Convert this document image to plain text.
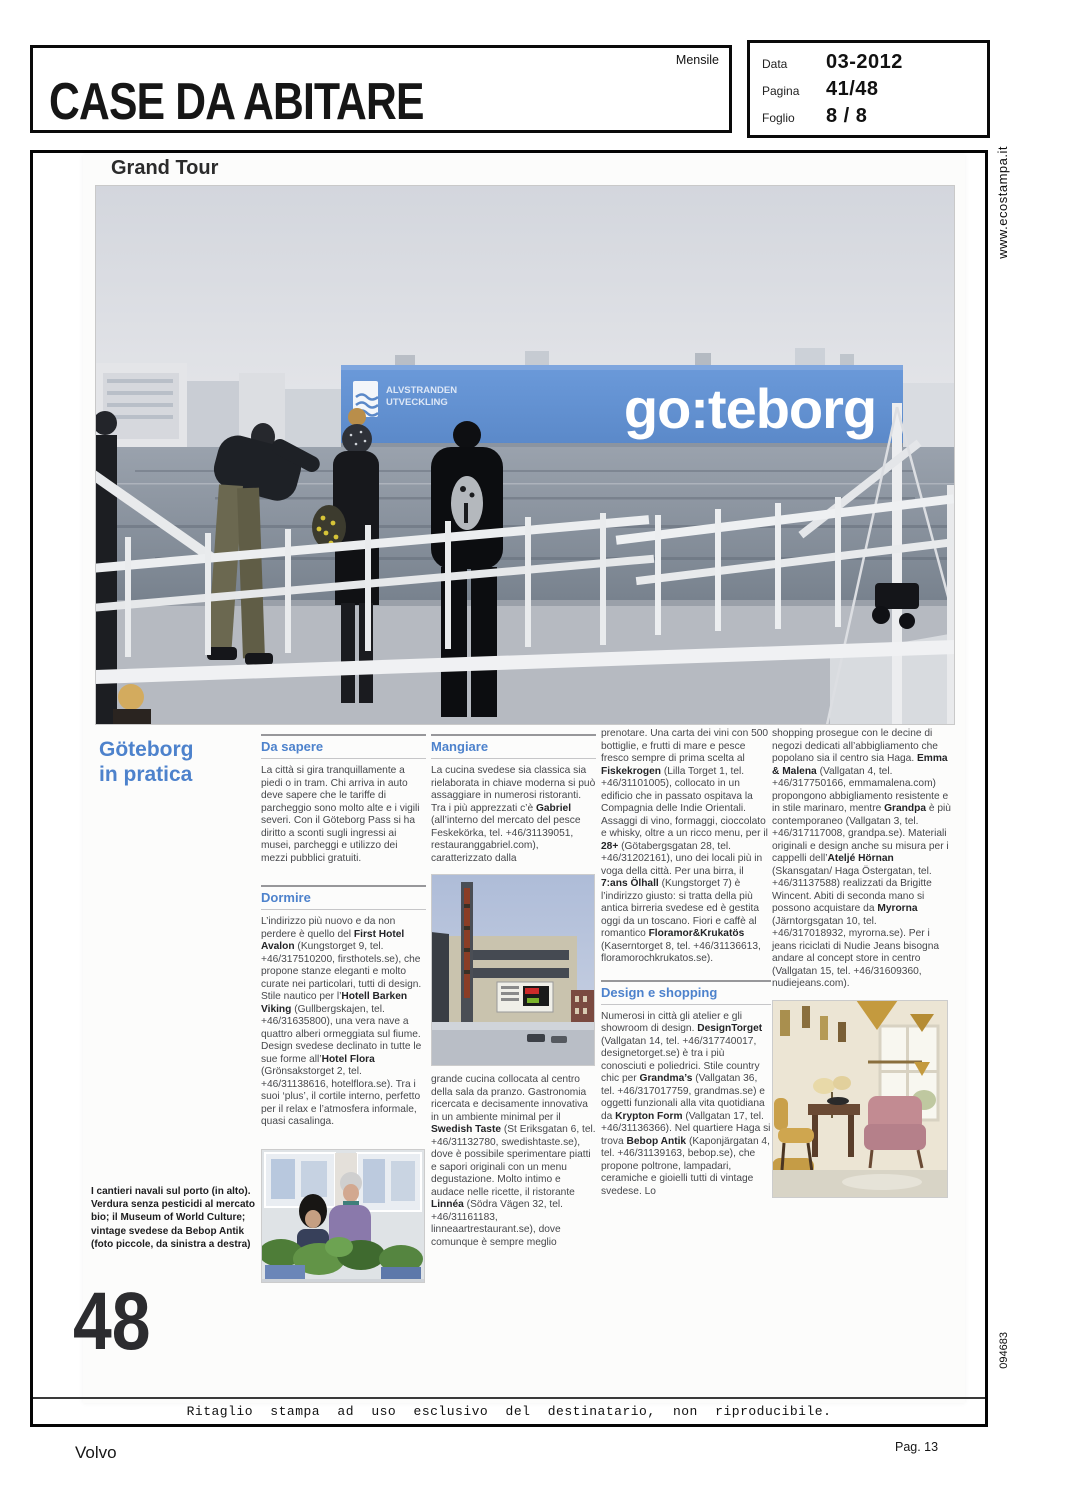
Mensile
CASE DA ABITARE
Data	03-2012
Pagina	41/48
Foglio	8 / 8
Grand Tour
ALVSTRANDEN
UTVECKLING	go:teborg
Göteborg
in pratica
Da sapere

La città si gira tranquillamente a piedi o in tram. Chi arriva in auto deve sapere che le tariffe di parcheggio sono molto alte e i vigili severi. Con il Göteborg Pass si ha diritto a sconti sugli ingressi ai musei, parcheggi e utilizzo dei mezzi pubblici gratuiti.

Dormire

L’indirizzo più nuovo e da non perdere è quello del First Hotel Avalon (Kungstorget 9, tel. +46/317510200, firsthotels.se), che propone stanze eleganti e molto curate nei particolari, tutti di design. Stile nautico per l’Hotell Barken Viking (Gullbergskajen, tel. +46/31635800), una vera nave a quattro alberi ormeggiata sul fiume. Design svedese declinato in tutte le sue forme all’Hotel Flora (Grönsakstorget 2, tel. +46/31138616, hotelflora.se). Tra i suoi ‘plus’, il cortile interno, perfetto per il relax e l’atmosfera informale, quasi casalinga.

Mangiare

La cucina svedese sia classica sia rielaborata in chiave moderna si può assaggiare in numerosi ristoranti. Tra i più apprezzati c’è Gabriel (all’interno del mercato del pesce Feskekörka, tel. +46/31139051, restauranggabriel.com), caratterizzato dalla

grande cucina collocata al centro della sala da pranzo. Gastronomia ricercata e decisamente innovativa in un ambiente minimal per il Swedish Taste (St Eriksgatan 6, tel. +46/31132780, swedishtaste.se), dove è possibile sperimentare piatti e sapori originali con un menu degustazione. Molto intimo e audace nelle ricette, il ristorante Linnéa (Södra Vägen 32, tel. +46/31161183, linneaartrestaurant.se), dove comunque è sempre meglio

prenotare. Una carta dei vini con 500 bottiglie, e frutti di mare e pesce fresco sempre di prima scelta al Fiskekrogen (Lilla Torget 1, tel. +46/31101005), collocato in un edificio che in passato ospitava la Compagnia delle Indie Orientali. Assaggi di vino, formaggi, cioccolato e whisky, oltre a un ricco menu, per il 28+ (Götabergsgatan 28, tel. +46/31202161), uno dei locali più in voga della città. Per una birra, il 7:ans Ölhall (Kungstorget 7) è l’indirizzo giusto: si tratta della più antica birreria svedese ed è gestita oggi da un toscano. Fiori e caffè al romantico Floramor&Krukatös (Kaserntorget 8, tel. +46/31136613, floramorochkrukatos.se).

Design e shopping

Numerosi in città gli atelier e gli showroom di design. DesignTorget (Vallgatan 14, tel. +46/317740017, designetorget.se) è tra i più conosciuti e poliedrici. Stile country chic per Grandma’s (Vallgatan 36, tel. +46/317017759, grandmas.se) e oggetti funzionali alla vita quotidiana da Krypton Form (Vallgatan 17, tel. +46/31136366). Nel quartiere Haga si trova Bebop Antik (Kaponjärgatan 4, tel. +46/31139163, bebop.se), che propone poltrone, lampadari, ceramiche e gioielli tutti di vintage svedese. Lo

shopping prosegue con le decine di negozi dedicati all’abbigliamento che popolano sia il centro sia Haga. Emma & Malena (Vallgatan 4, tel. +46/317750166, emmamalena.com) propongono abbigliamento resistente e in stile marinaro, mentre Grandpa è più contemporaneo (Vallgatan 3, tel. +46/317117008, grandpa.se). Materiali originali e design anche su misura per i cappelli dell’Ateljé Hörnan (Skansgatan/ Haga Östergatan, tel. +46/31137588) realizzati da Brigitte Wincent. Abiti di seconda mano si possono acquistare da Myrorna (Järntorgsgatan 10, tel. +46/317018932, myrorna.se). Per i jeans riciclati di Nudie Jeans bisogna andare al concept store in centro (Vallgatan 15, tel. +46/31609360, nudiejeans.com).

I cantieri navali sul porto (in alto). Verdura senza pesticidi al mercato bio; il Museum of World Culture; vintage svedese da Bebop Antik (foto piccole, da sinistra a destra)
48
Ritaglio stampa ad uso esclusivo del destinatario, non riproducibile.
www.ecostampa.it
094683
Volvo	Pag. 13
